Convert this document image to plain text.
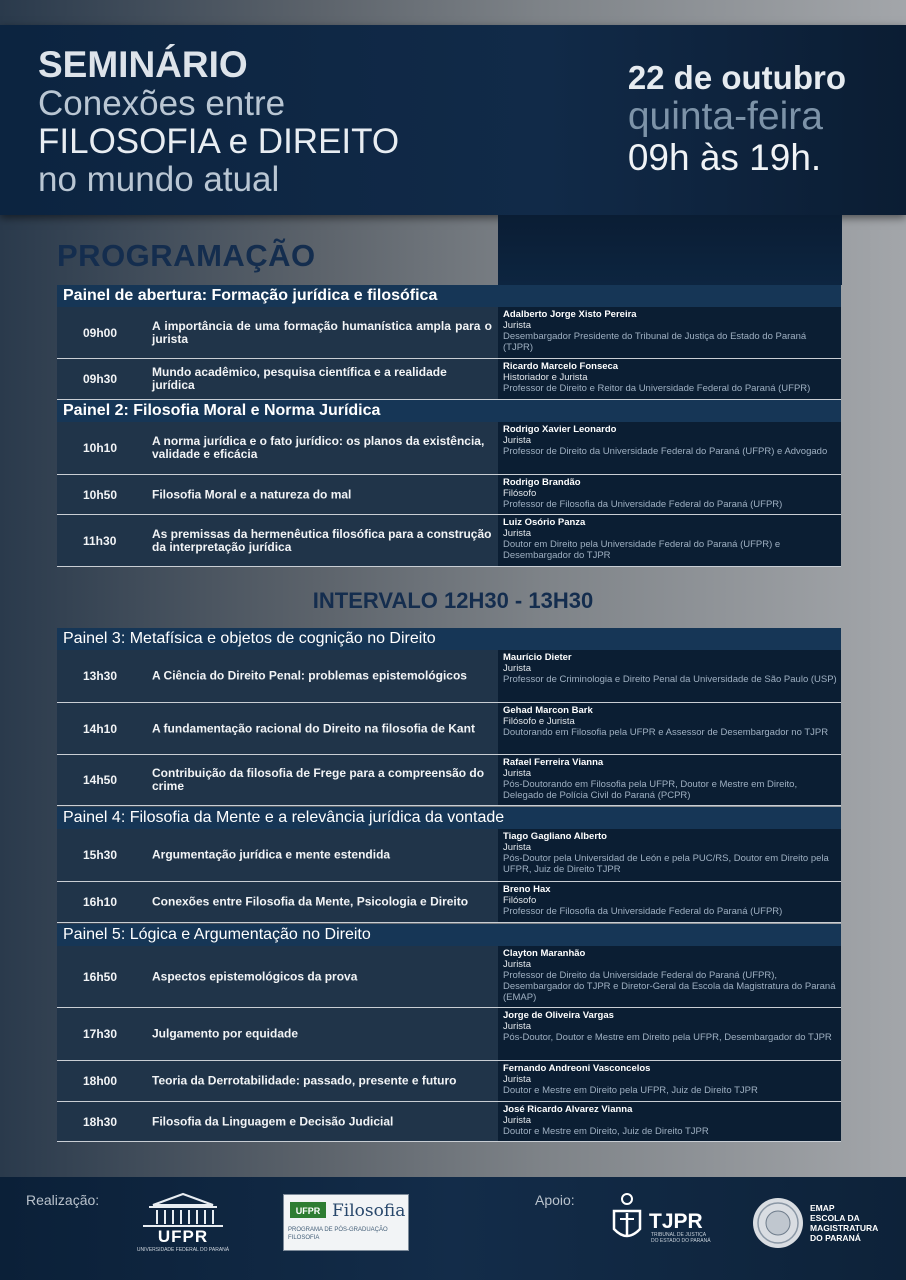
SEMINÁRIO
Conexões entre
FILOSOFIA e DIREITO
no mundo atual
22 de outubro
quinta-feira
09h às 19h.
PROGRAMAÇÃO
Painel de abertura: Formação jurídica e filosófica
09h00	A importância de uma formação humanística ampla para o jurista
Adalberto Jorge Xisto Pereira
Jurista
Desembargador Presidente do Tribunal de Justiça do Estado do Paraná (TJPR)
09h30	Mundo acadêmico, pesquisa científica e a realidade jurídica
Ricardo Marcelo Fonseca
Historiador e Jurista
Professor de Direito e Reitor da Universidade Federal do Paraná (UFPR)
Painel 2: Filosofia Moral e Norma Jurídica
10h10	A norma jurídica e o fato jurídico: os planos da existência, validade e eficácia
Rodrigo Xavier Leonardo
Jurista
Professor de Direito da Universidade Federal do Paraná (UFPR) e Advogado
10h50	Filosofia Moral e a natureza do mal
Rodrigo Brandão
Filósofo
Professor de Filosofia da Universidade Federal do Paraná (UFPR)
11h30	As premissas da hermenêutica filosófica para a construção da interpretação jurídica
Luiz Osório Panza
Jurista
Doutor em Direito pela Universidade Federal do Paraná (UFPR) e Desembargador do TJPR
INTERVALO 12H30 - 13H30
Painel 3: Metafísica e objetos de cognição no Direito
13h30	A Ciência do Direito Penal: problemas epistemológicos
Maurício Dieter
Jurista
Professor de Criminologia e Direito Penal da Universidade de São Paulo (USP)
14h10	A fundamentação racional do Direito na filosofia de Kant
Gehad Marcon Bark
Filósofo e Jurista
Doutorando em Filosofia pela UFPR e Assessor de Desembargador no TJPR
14h50	Contribuição da filosofia de Frege para a compreensão do crime
Rafael Ferreira Vianna
Jurista
Pós-Doutorando em Filosofia pela UFPR, Doutor e Mestre em Direito, Delegado de Polícia Civil do Paraná (PCPR)
Painel 4: Filosofia da Mente e a relevância jurídica da vontade
15h30	Argumentação jurídica e mente estendida
Tiago Gagliano Alberto
Jurista
Pós-Doutor pela Universidad de León e pela PUC/RS, Doutor em Direito pela UFPR, Juiz de Direito TJPR
16h10	Conexões entre Filosofia da Mente, Psicologia e Direito
Breno Hax
Filósofo
Professor de Filosofia da Universidade Federal do Paraná (UFPR)
Painel 5: Lógica e Argumentação no Direito
16h50	Aspectos epistemológicos da prova
Clayton Maranhão
Jurista
Professor de Direito da Universidade Federal do Paraná (UFPR), Desembargador do TJPR e Diretor-Geral da Escola da Magistratura do Paraná (EMAP)
17h30	Julgamento por equidade
Jorge de Oliveira Vargas
Jurista
Pós-Doutor, Doutor e Mestre em Direito pela UFPR, Desembargador do TJPR
18h00	Teoria da Derrotabilidade: passado, presente e futuro
Fernando Andreoni Vasconcelos
Jurista
Doutor e Mestre em Direito pela UFPR, Juiz de Direito TJPR
18h30	Filosofia da Linguagem e Decisão Judicial
José Ricardo Alvarez Vianna
Jurista
Doutor e Mestre em Direito, Juiz de Direito TJPR
Realização:
UFPR
UNIVERSIDADE FEDERAL DO PARANÁ
UFPR Filosofia
PROGRAMA DE PÓS-GRADUAÇÃO
FILOSOFIA
Apoio:
TJPR
TRIBUNAL DE JUSTIÇA
DO ESTADO DO PARANÁ
EMAP
ESCOLA DA
MAGISTRATURA
DO PARANÁ
